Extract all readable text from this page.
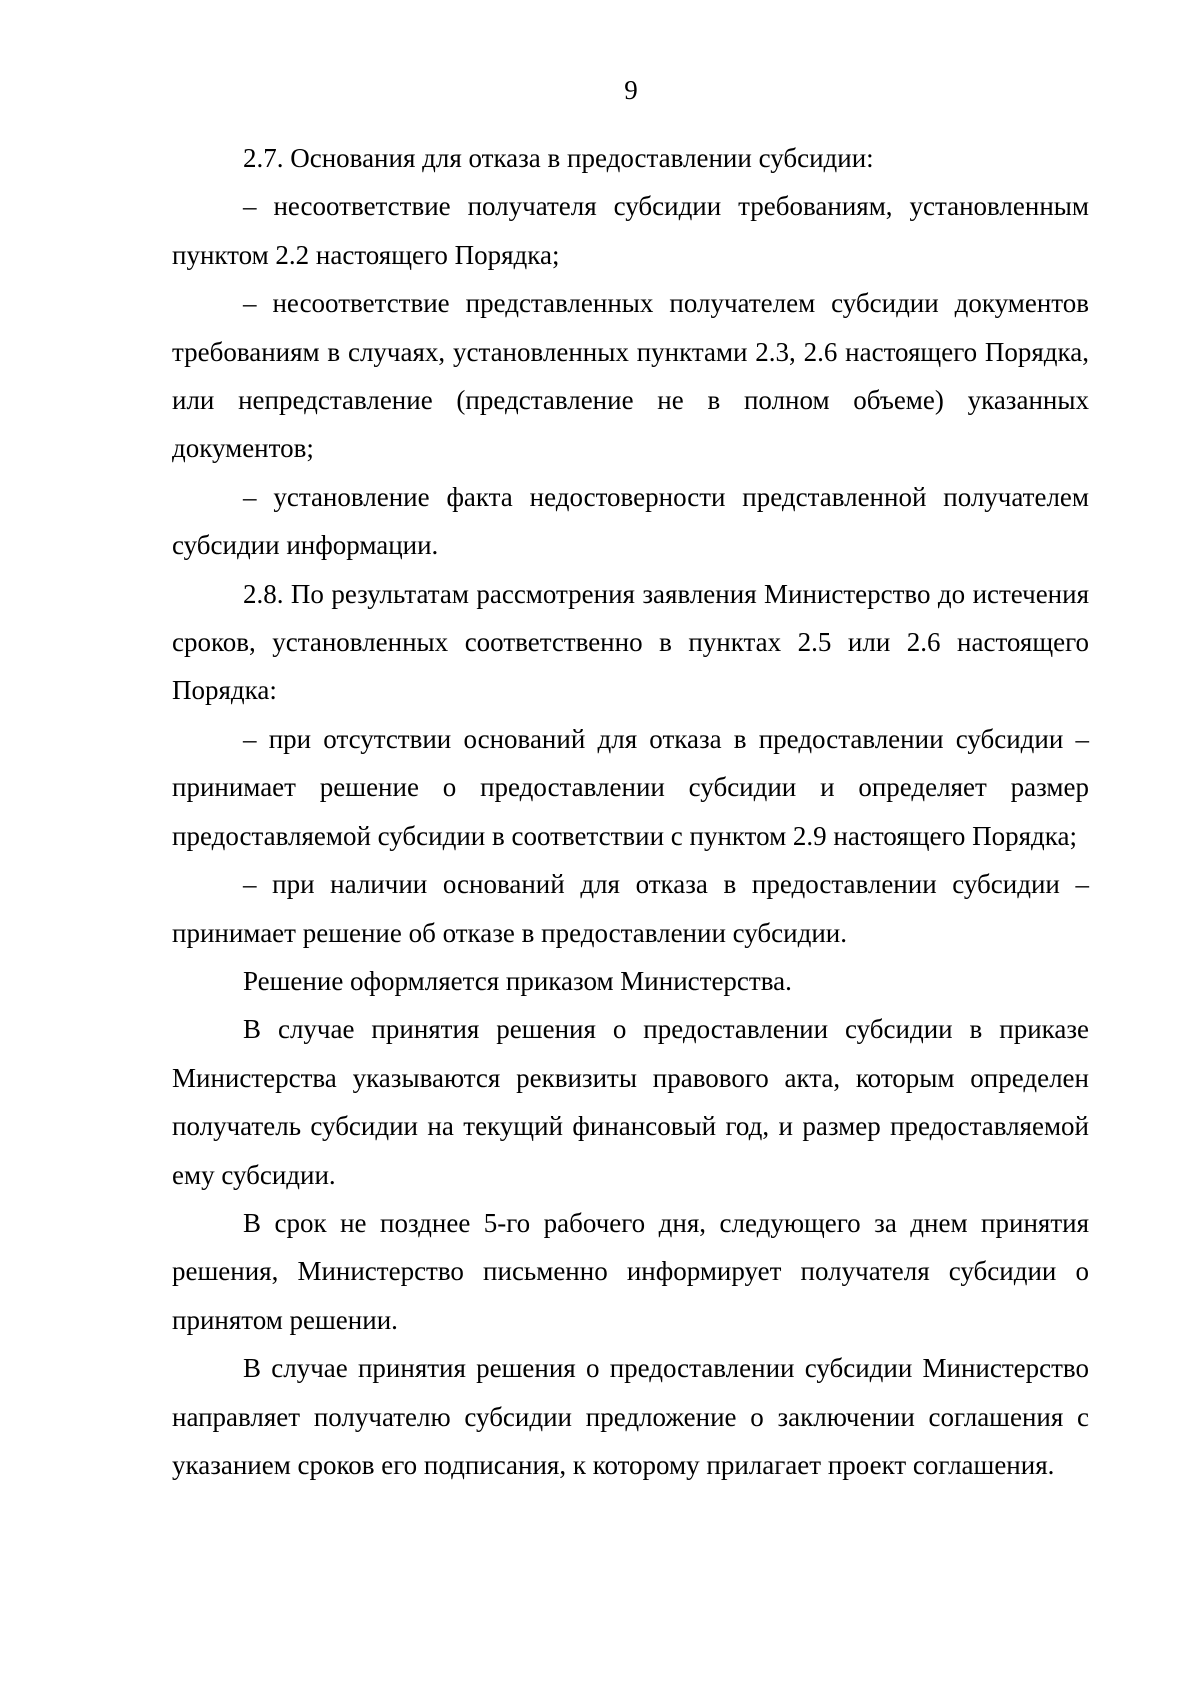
9

2.7. Основания для отказа в предоставлении субсидии:

– несоответствие получателя субсидии требованиям, установленным пунктом 2.2 настоящего Порядка;

– несоответствие представленных получателем субсидии документов требованиям в случаях, установленных пунктами 2.3, 2.6 настоящего Порядка, или непредставление (представление не в полном объеме) указанных документов;

– установление факта недостоверности представленной получателем субсидии информации.

2.8. По результатам рассмотрения заявления Министерство до истечения сроков, установленных соответственно в пунктах 2.5 или 2.6 настоящего Порядка:

– при отсутствии оснований для отказа в предоставлении субсидии – принимает решение о предоставлении субсидии и определяет размер предоставляемой субсидии в соответствии с пунктом 2.9 настоящего Порядка;

– при наличии оснований для отказа в предоставлении субсидии – принимает решение об отказе в предоставлении субсидии.

Решение оформляется приказом Министерства.

В случае принятия решения о предоставлении субсидии в приказе Министерства указываются реквизиты правового акта, которым определен получатель субсидии на текущий финансовый год, и размер предоставляемой ему субсидии.

В срок не позднее 5-го рабочего дня, следующего за днем принятия решения, Министерство письменно информирует получателя субсидии о принятом решении.

В случае принятия решения о предоставлении субсидии Министерство направляет получателю субсидии предложение о заключении соглашения с указанием сроков его подписания, к которому прилагает проект соглашения.
